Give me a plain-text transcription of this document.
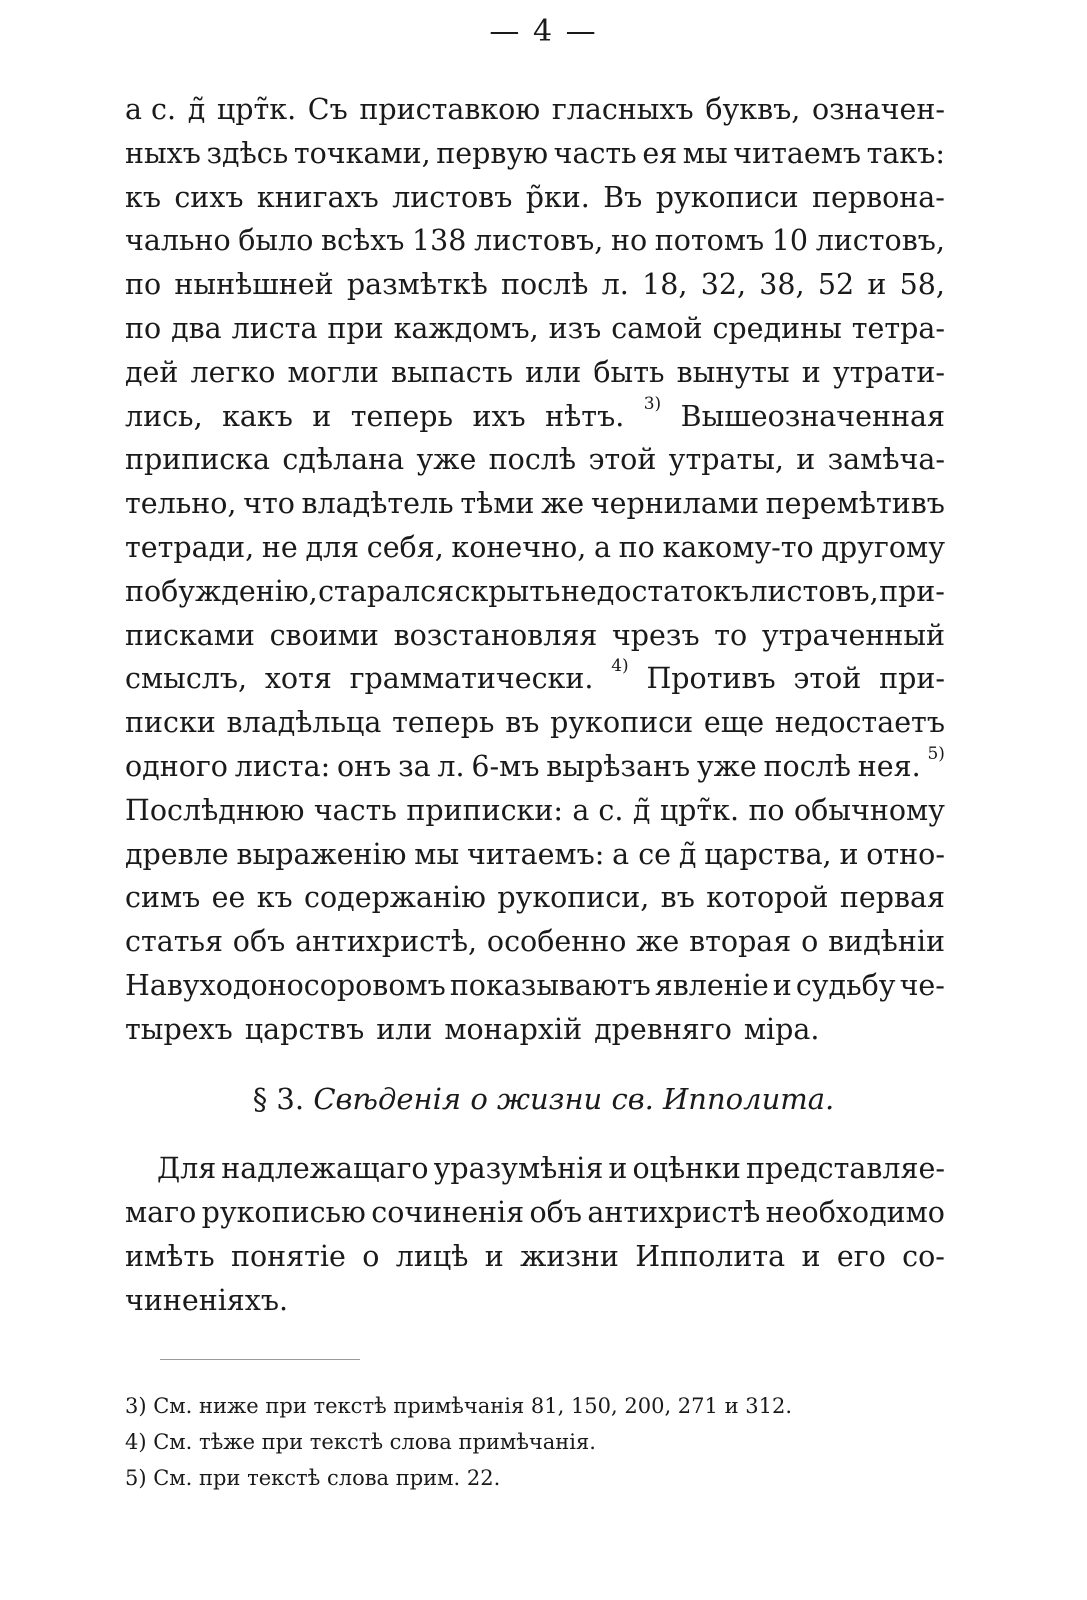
— 4 —
а с. д̃ црт̃к. Съ приставкою гласныхъ буквъ, означен-
ныхъ здѣсь точками, первую часть ея мы читаемъ такъ:
къ сихъ книгахъ листовъ р̃ки. Въ рукописи первона-
чально было всѣхъ 138 листовъ, но потомъ 10 листовъ,
по нынѣшней размѣткѣ послѣ л. 18, 32, 38, 52 и 58,
по два листа при каждомъ, изъ самой средины тетра-
дей легко могли выпасть или быть вынуты и утрати-
лись, какъ и теперь ихъ нѣтъ. 3) Вышеозначенная
приписка сдѣлана уже послѣ этой утраты, и замѣча-
тельно, что владѣтель тѣми же чернилами перемѣтивъ
тетради, не для себя, конечно, а по какому-то другому
побужденію, старался скрыть недостатокъ листовъ, при-
писками своими возстановляя чрезъ то утраченный
смыслъ, хотя грамматически. 4) Противъ этой при-
писки владѣльца теперь въ рукописи еще недостаетъ
одного листа: онъ за л. 6-мъ вырѣзанъ уже послѣ нея. 5)
Послѣднюю часть приписки: а с. д̃ црт̃к. по обычному
древле выраженію мы читаемъ: а се д̃ царства, и отно-
симъ ее къ содержанію рукописи, въ которой первая
статья объ антихристѣ, особенно же вторая о видѣніи
Навуходоносоровомъ показываютъ явленіе и судьбу че-
тырехъ царствъ или монархій древняго міра.
§ 3. Свѣденія о жизни св. Ипполита.
Для надлежащаго уразумѣнія и оцѣнки представляе-
маго рукописью сочиненія объ антихристѣ необходимо
имѣть понятіе о лицѣ и жизни Ипполита и его со-
чиненіяхъ.
3) См. ниже при текстѣ примѣчанія 81, 150, 200, 271 и 312.
4) См. тѣже при текстѣ слова примѣчанія.
5) См. при текстѣ слова прим. 22.
